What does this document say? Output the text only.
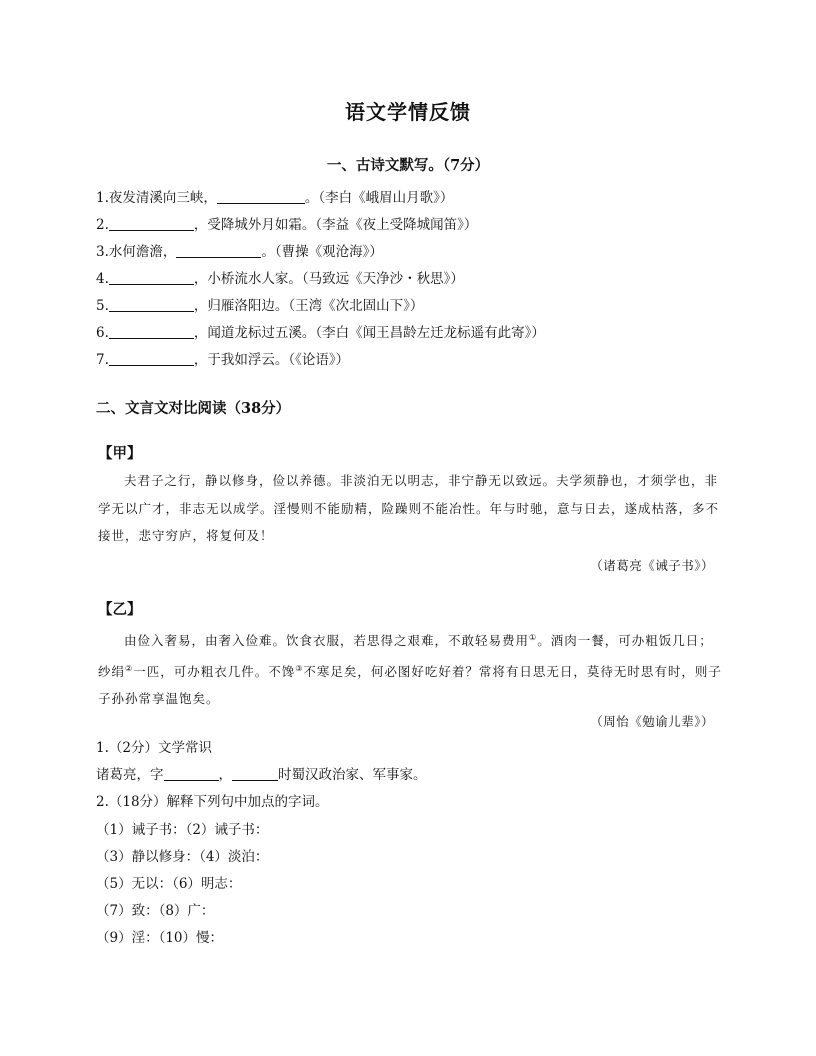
语文学情反馈
一、古诗文默写。（7分）
1.夜发清溪向三峡，	。（李白《峨眉山月歌》）
2.	，受降城外月如霜。（李益《夜上受降城闻笛》）
3.水何澹澹，	。（曹操《观沧海》）
4.	，小桥流水人家。（马致远《天净沙・秋思》）
5.	，归雁洛阳边。（王湾《次北固山下》）
6.	，闻道龙标过五溪。（李白《闻王昌龄左迁龙标遥有此寄》）
7.	，于我如浮云。（《论语》）
二、文言文对比阅读（38分）
【甲】

夫君子之行，静以修身，俭以养德。非淡泊无以明志，非宁静无以致远。夫学须静也，才须学也，非学无以广才，非志无以成学。淫慢则不能励精，险躁则不能冶性。年与时驰，意与日去，遂成枯落，多不接世，悲守穷庐，将复何及！

（诸葛亮《诫子书》）
【乙】

由俭入奢易，由奢入俭难。饮食衣服，若思得之艰难，不敢轻易费用①。酒肉一餐，可办粗饭几日；纱绢②一匹，可办粗衣几件。不馋③不寒足矣，何必图好吃好着？常将有日思无日，莫待无时思有时，则子子孙孙常享温饱矣。

（周怡《勉谕儿辈》）
1.（2分）文学常识
诸葛亮，字	，	时蜀汉政治家、军事家。
2.（18分）解释下列句中加点的字词。
（1）诫子书：（2）诫子书：
（3）静以修身：（4）淡泊：
（5）无以：（6）明志：
（7）致：（8）广：
（9）淫：（10）慢：
